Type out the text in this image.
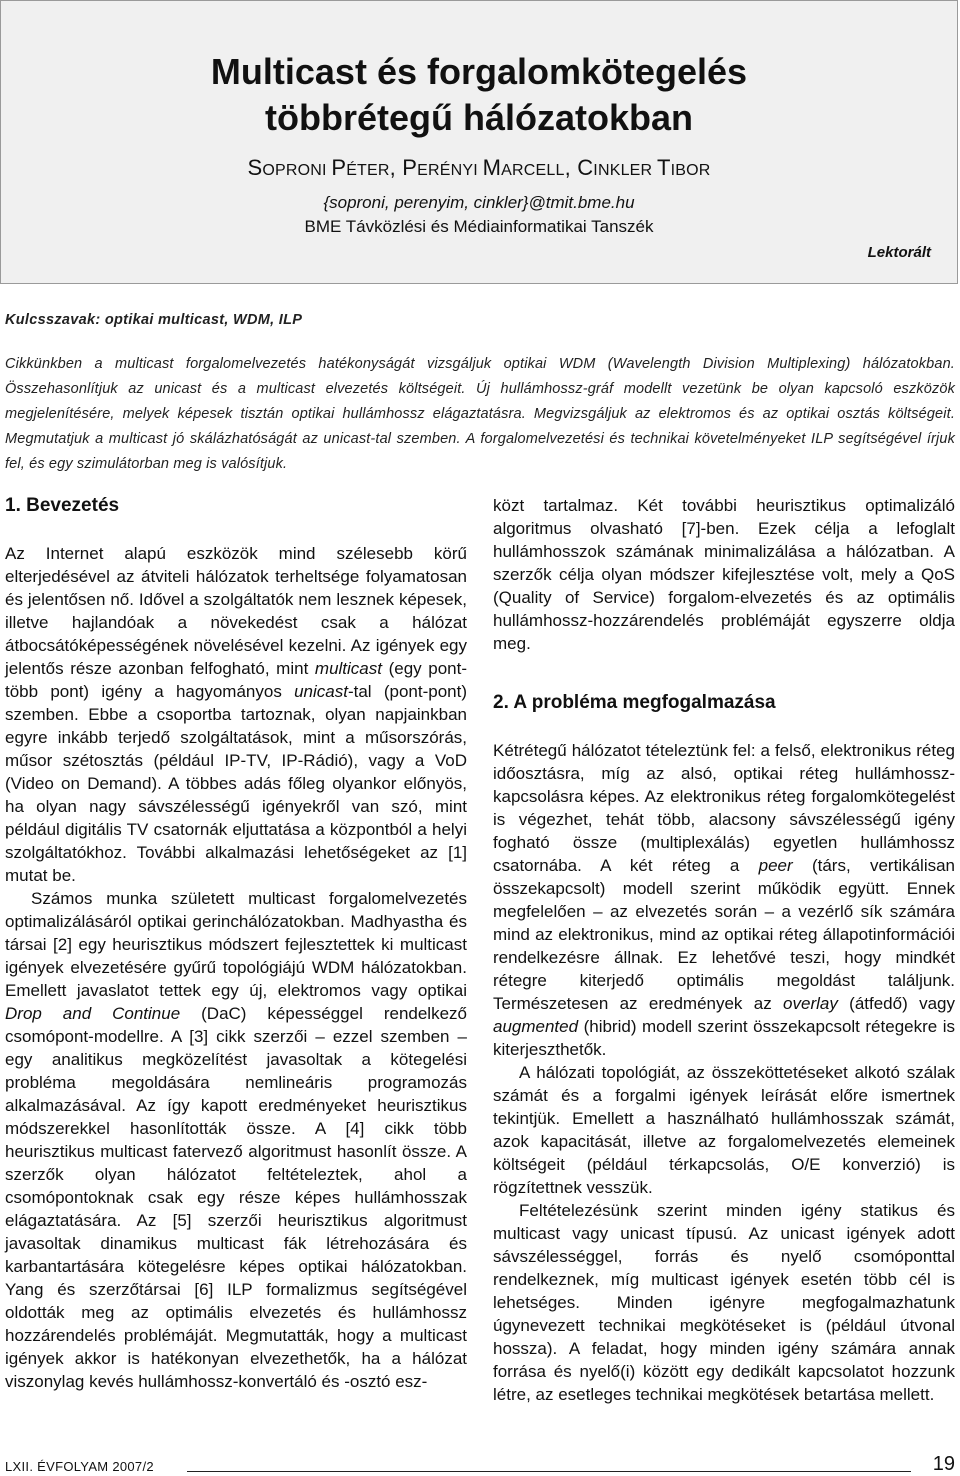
Multicast és forgalomkötegelés
többrétegű hálózatokban
SOPRONI PÉTER, PERÉNYI MARCELL, CINKLER TIBOR
{soproni, perenyim, cinkler}@tmit.bme.hu
BME Távközlési és Médiainformatikai Tanszék
Lektorált
Kulcsszavak: optikai multicast, WDM, ILP
Cikkünkben a multicast forgalomelvezetés hatékonyságát vizsgáljuk optikai WDM (Wavelength Division Multiplexing) hálózatokban. Összehasonlítjuk az unicast és a multicast elvezetés költségeit. Új hullámhossz-gráf modellt vezetünk be olyan kapcsoló eszközök megjelenítésére, melyek képesek tisztán optikai hullámhossz elágaztatásra. Megvizsgáljuk az elektromos és az optikai osztás költségeit. Megmutatjuk a multicast jó skálázhatóságát az unicast-tal szemben. A forgalomelvezetési és technikai követelményeket ILP segítségével írjuk fel, és egy szimulátorban meg is valósítjuk.
1. Bevezetés

Az Internet alapú eszközök mind szélesebb körű elterjedésével az átviteli hálózatok terheltsége folyamatosan és jelentősen nő. Idővel a szolgáltatók nem lesznek képesek, illetve hajlandóak a növekedést csak a hálózat átbocsátóképességének növelésével kezelni. Az igények egy jelentős része azonban felfogható, mint multicast (egy pont-több pont) igény a hagyományos unicast-tal (pont-pont) szemben. Ebbe a csoportba tartoznak, olyan napjainkban egyre inkább terjedő szolgáltatások, mint a műsorszórás, műsor szétosztás (például IP-TV, IP-Rádió), vagy a VoD (Video on Demand). A többes adás főleg olyankor előnyös, ha olyan nagy sávszélességű igényekről van szó, mint például digitális TV csatornák eljuttatása a központból a helyi szolgáltatókhoz. További alkalmazási lehetőségeket az [1] mutat be.

Számos munka született multicast forgalomelvezetés optimalizálásáról optikai gerinchálózatokban. Madhyastha és társai [2] egy heurisztikus módszert fejlesztettek ki multicast igények elvezetésére gyűrű topológiájú WDM hálózatokban. Emellett javaslatot tettek egy új, elektromos vagy optikai Drop and Continue (DaC) képességgel rendelkező csomópont-modellre. A [3] cikk szerzői – ezzel szemben – egy analitikus megközelítést javasoltak a kötegelési probléma megoldására nemlineáris programozás alkalmazásával. Az így kapott eredményeket heurisztikus módszerekkel hasonlították össze. A [4] cikk több heurisztikus multicast fatervező algoritmust hasonlít össze. A szerzők olyan hálózatot feltételeztek, ahol a csomópontoknak csak egy része képes hullámhosszak elágaztatására. Az [5] szerzői heurisztikus algoritmust javasoltak dinamikus multicast fák létrehozására és karbantartására kötegelésre képes optikai hálózatokban. Yang és szerzőtársai [6] ILP formalizmus segítségével oldották meg az optimális elvezetés és hullámhossz hozzárendelés problémáját. Megmutatták, hogy a multicast igények akkor is hatékonyan elvezethetők, ha a hálózat viszonylag kevés hullámhossz-konvertáló és -osztó esz-

közt tartalmaz. Két további heurisztikus optimalizáló algoritmus olvasható [7]-ben. Ezek célja a lefoglalt hullámhosszok számának minimalizálása a hálózatban. A szerzők célja olyan módszer kifejlesztése volt, mely a QoS (Quality of Service) forgalom-elvezetés és az optimális hullámhossz-hozzárendelés problémáját egyszerre oldja meg.

2. A probléma megfogalmazása

Kétrétegű hálózatot tételeztünk fel: a felső, elektronikus réteg időosztásra, míg az alsó, optikai réteg hullámhossz-kapcsolásra képes. Az elektronikus réteg forgalomkötegelést is végezhet, tehát több, alacsony sávszélességű igény fogható össze (multiplexálás) egyetlen hullámhossz csatornába. A két réteg a peer (társ, vertikálisan összekapcsolt) modell szerint működik együtt. Ennek megfelelően – az elvezetés során – a vezérlő sík számára mind az elektronikus, mind az optikai réteg állapotinformációi rendelkezésre állnak. Ez lehetővé teszi, hogy mindkét rétegre kiterjedő optimális megoldást találjunk. Természetesen az eredmények az overlay (átfedő) vagy augmented (hibrid) modell szerint összekapcsolt rétegekre is kiterjeszthetők.

A hálózati topológiát, az összeköttetéseket alkotó szálak számát és a forgalmi igények leírását előre ismertnek tekintjük. Emellett a használható hullámhosszak számát, azok kapacitását, illetve az forgalomelvezetés elemeinek költségeit (például térkapcsolás, O/E konverzió) is rögzítettnek vesszük.

Feltételezésünk szerint minden igény statikus és multicast vagy unicast típusú. Az unicast igények adott sávszélességgel, forrás és nyelő csomóponttal rendelkeznek, míg multicast igények esetén több cél is lehetséges. Minden igényre megfogalmazhatunk úgynevezett technikai megkötéseket is (például útvonal hossza). A feladat, hogy minden igény számára annak forrása és nyelő(i) között egy dedikált kapcsolatot hozzunk létre, az esetleges technikai megkötések betartása mellett.

LXII. ÉVFOLYAM 2007/2	19
